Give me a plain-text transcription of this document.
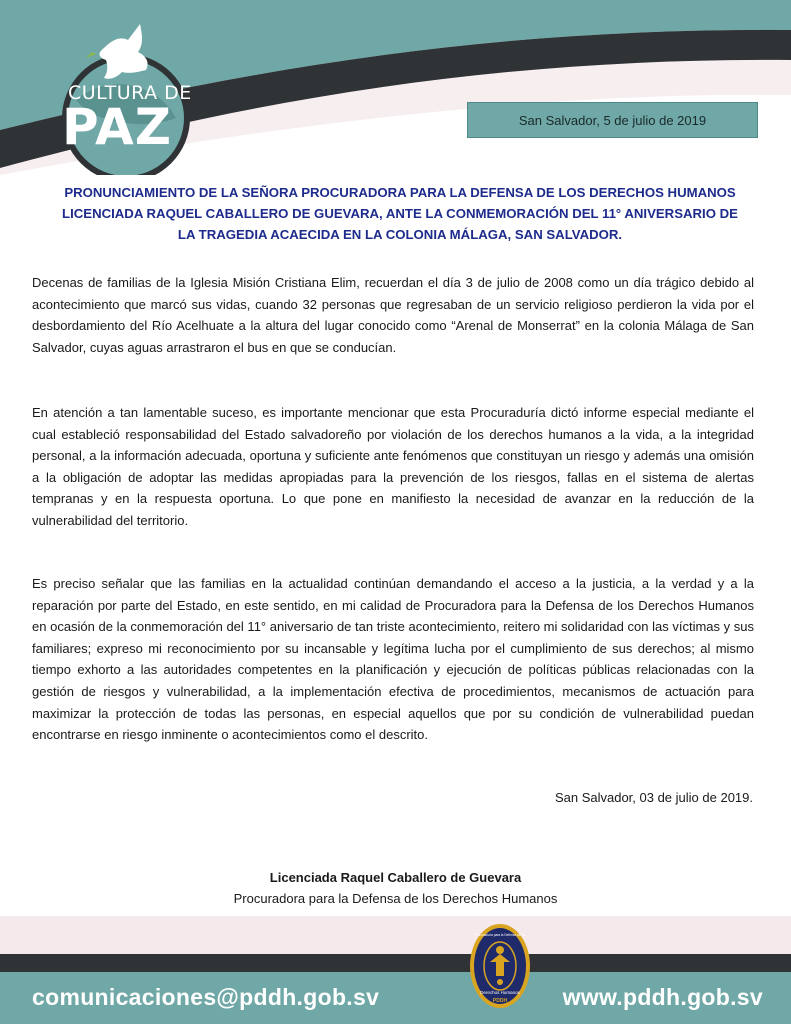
CULTURA DE
PAZ	San Salvador, 5 de julio de 2019
PRONUNCIAMIENTO DE LA SEÑORA PROCURADORA PARA LA DEFENSA DE LOS DERECHOS HUMANOS
LICENCIADA RAQUEL CABALLERO DE GUEVARA, ANTE LA CONMEMORACIÓN DEL 11° ANIVERSARIO DE
LA TRAGEDIA ACAECIDA EN LA COLONIA MÁLAGA, SAN SALVADOR.
Decenas de familias de la Iglesia Misión Cristiana Elim, recuerdan el día 3 de julio de 2008 como un día trágico debido al acontecimiento que marcó sus vidas, cuando 32 personas que regresaban de un servicio religioso perdieron la vida por el desbordamiento del Río Acelhuate a la altura del lugar conocido como “Arenal de Monserrat” en la colonia Málaga de San Salvador, cuyas aguas arrastraron el bus en que se conducían.
En atención a tan lamentable suceso, es importante mencionar que esta Procuraduría dictó informe especial mediante el cual estableció responsabilidad del Estado salvadoreño por violación de los derechos humanos a la vida, a la integridad personal, a la información adecuada, oportuna y suficiente ante fenómenos que constituyan un riesgo y además una omisión a la obligación de adoptar las medidas apropiadas para la prevención de los riesgos, fallas en el sistema de alertas tempranas y en la respuesta oportuna. Lo que pone en manifiesto la necesidad de avanzar en la reducción de la vulnerabilidad del territorio.
Es preciso señalar que las familias en la actualidad continúan demandando el acceso a la justicia, a la verdad y a la reparación por parte del Estado, en este sentido, en mi calidad de Procuradora para la Defensa de los Derechos Humanos en ocasión de la conmemoración del 11° aniversario de tan triste acontecimiento, reitero mi solidaridad con las víctimas y sus familiares; expreso mi reconocimiento por su incansable y legítima lucha por el cumplimiento de sus derechos; al mismo tiempo exhorto a las autoridades competentes en la planificación y ejecución de políticas públicas relacionadas con la gestión de riesgos y vulnerabilidad, a la implementación efectiva de procedimientos, mecanismos de actuación para maximizar la protección de todas las personas, en especial aquellos que por su condición de vulnerabilidad puedan encontrarse en riesgo inminente o acontecimientos como el descrito.
San Salvador, 03 de julio de 2019.
Licenciada Raquel Caballero de Guevara
Procuradora para la Defensa de los Derechos Humanos
Derechos Humanos
PDDH
Procuraduría para la Defensa de los
comunicaciones@pddh.gob.sv	www.pddh.gob.sv
